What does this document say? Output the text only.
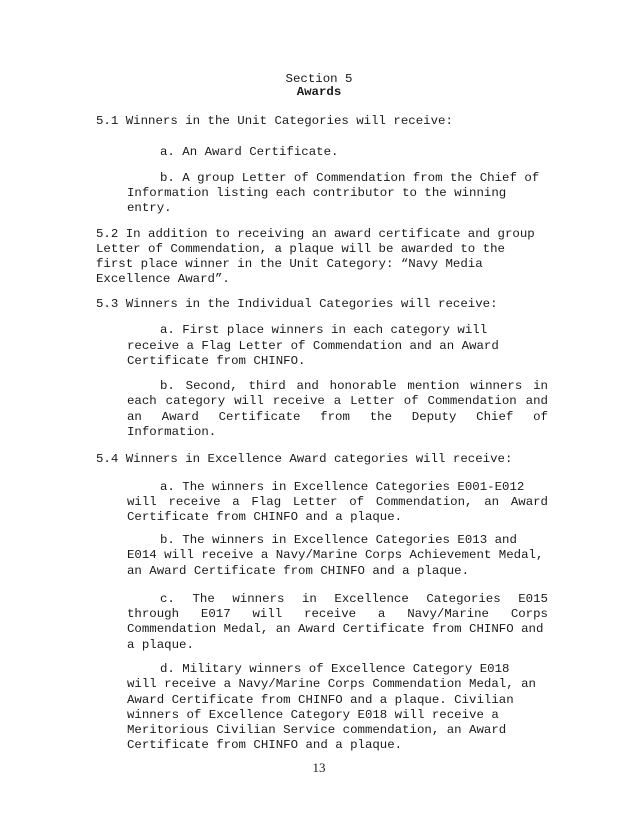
Section 5
Awards
5.1 Winners in the Unit Categories will receive:
a. An Award Certificate.
b. A group Letter of Commendation from the Chief of
Information listing each contributor to the winning
entry.
5.2 In addition to receiving an award certificate and group
Letter of Commendation, a plaque will be awarded to the
first place winner in the Unit Category: “Navy Media
Excellence Award”.
5.3 Winners in the Individual Categories will receive:
a. First place winners in each category will
receive a Flag Letter of Commendation and an Award
Certificate from CHINFO.
b. Second, third and honorable mention winners in
each category will receive a Letter of Commendation and
an Award Certificate from the Deputy Chief of
Information.
5.4 Winners in Excellence Award categories will receive:
a. The winners in Excellence Categories E001-E012
will receive a Flag Letter of Commendation, an Award
Certificate from CHINFO and a plaque.
b. The winners in Excellence Categories E013 and
E014 will receive a Navy/Marine Corps Achievement Medal,
an Award Certificate from CHINFO and a plaque.
c. The winners in Excellence Categories E015
through E017 will receive a Navy/Marine Corps
Commendation Medal, an Award Certificate from CHINFO and
a plaque.
d. Military winners of Excellence Category E018
will receive a Navy/Marine Corps Commendation Medal, an
Award Certificate from CHINFO and a plaque. Civilian
winners of Excellence Category E018 will receive a
Meritorious Civilian Service commendation, an Award
Certificate from CHINFO and a plaque.
13
